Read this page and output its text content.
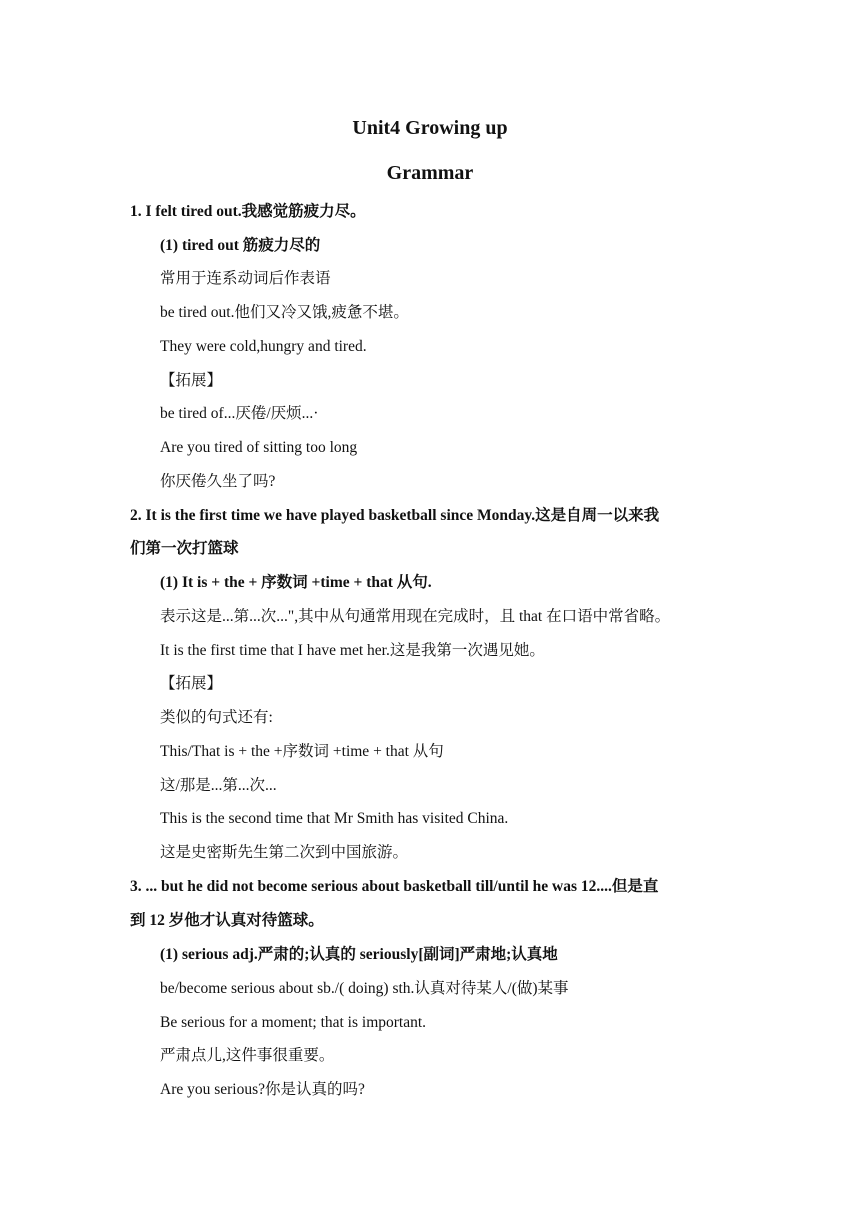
Unit4 Growing up
Grammar
1. I felt tired out.我感觉筋疲力尽。
(1) tired out 筋疲力尽的
常用于连系动词后作表语
be tired out.他们又冷又饿,疲惫不堪。
They were cold,hungry and tired.
【拓展】
be tired of...厌倦/厌烦...·
Are you tired of sitting too long
你厌倦久坐了吗?
2. It is the first time we have played basketball since Monday.这是自周一以来我
们第一次打篮球
(1) It is + the + 序数词 +time + that 从句.
表示这是...第...次...",其中从句通常用现在完成时，且 that 在口语中常省略。
It is the first time that I have met her.这是我第一次遇见她。
【拓展】
类似的句式还有:
This/That is + the +序数词 +time + that 从句
这/那是...第...次...
This is the second time that Mr Smith has visited China.
这是史密斯先生第二次到中国旅游。
3. ... but he did not become serious about basketball till/until he was 12....但是直
到 12 岁他才认真对待篮球。
(1) serious adj.严肃的;认真的 seriously[副词]严肃地;认真地
be/become serious about sb./( doing) sth.认真对待某人/(做)某事
Be serious for a moment; that is important.
严肃点儿,这件事很重要。
Are you serious?你是认真的吗?
